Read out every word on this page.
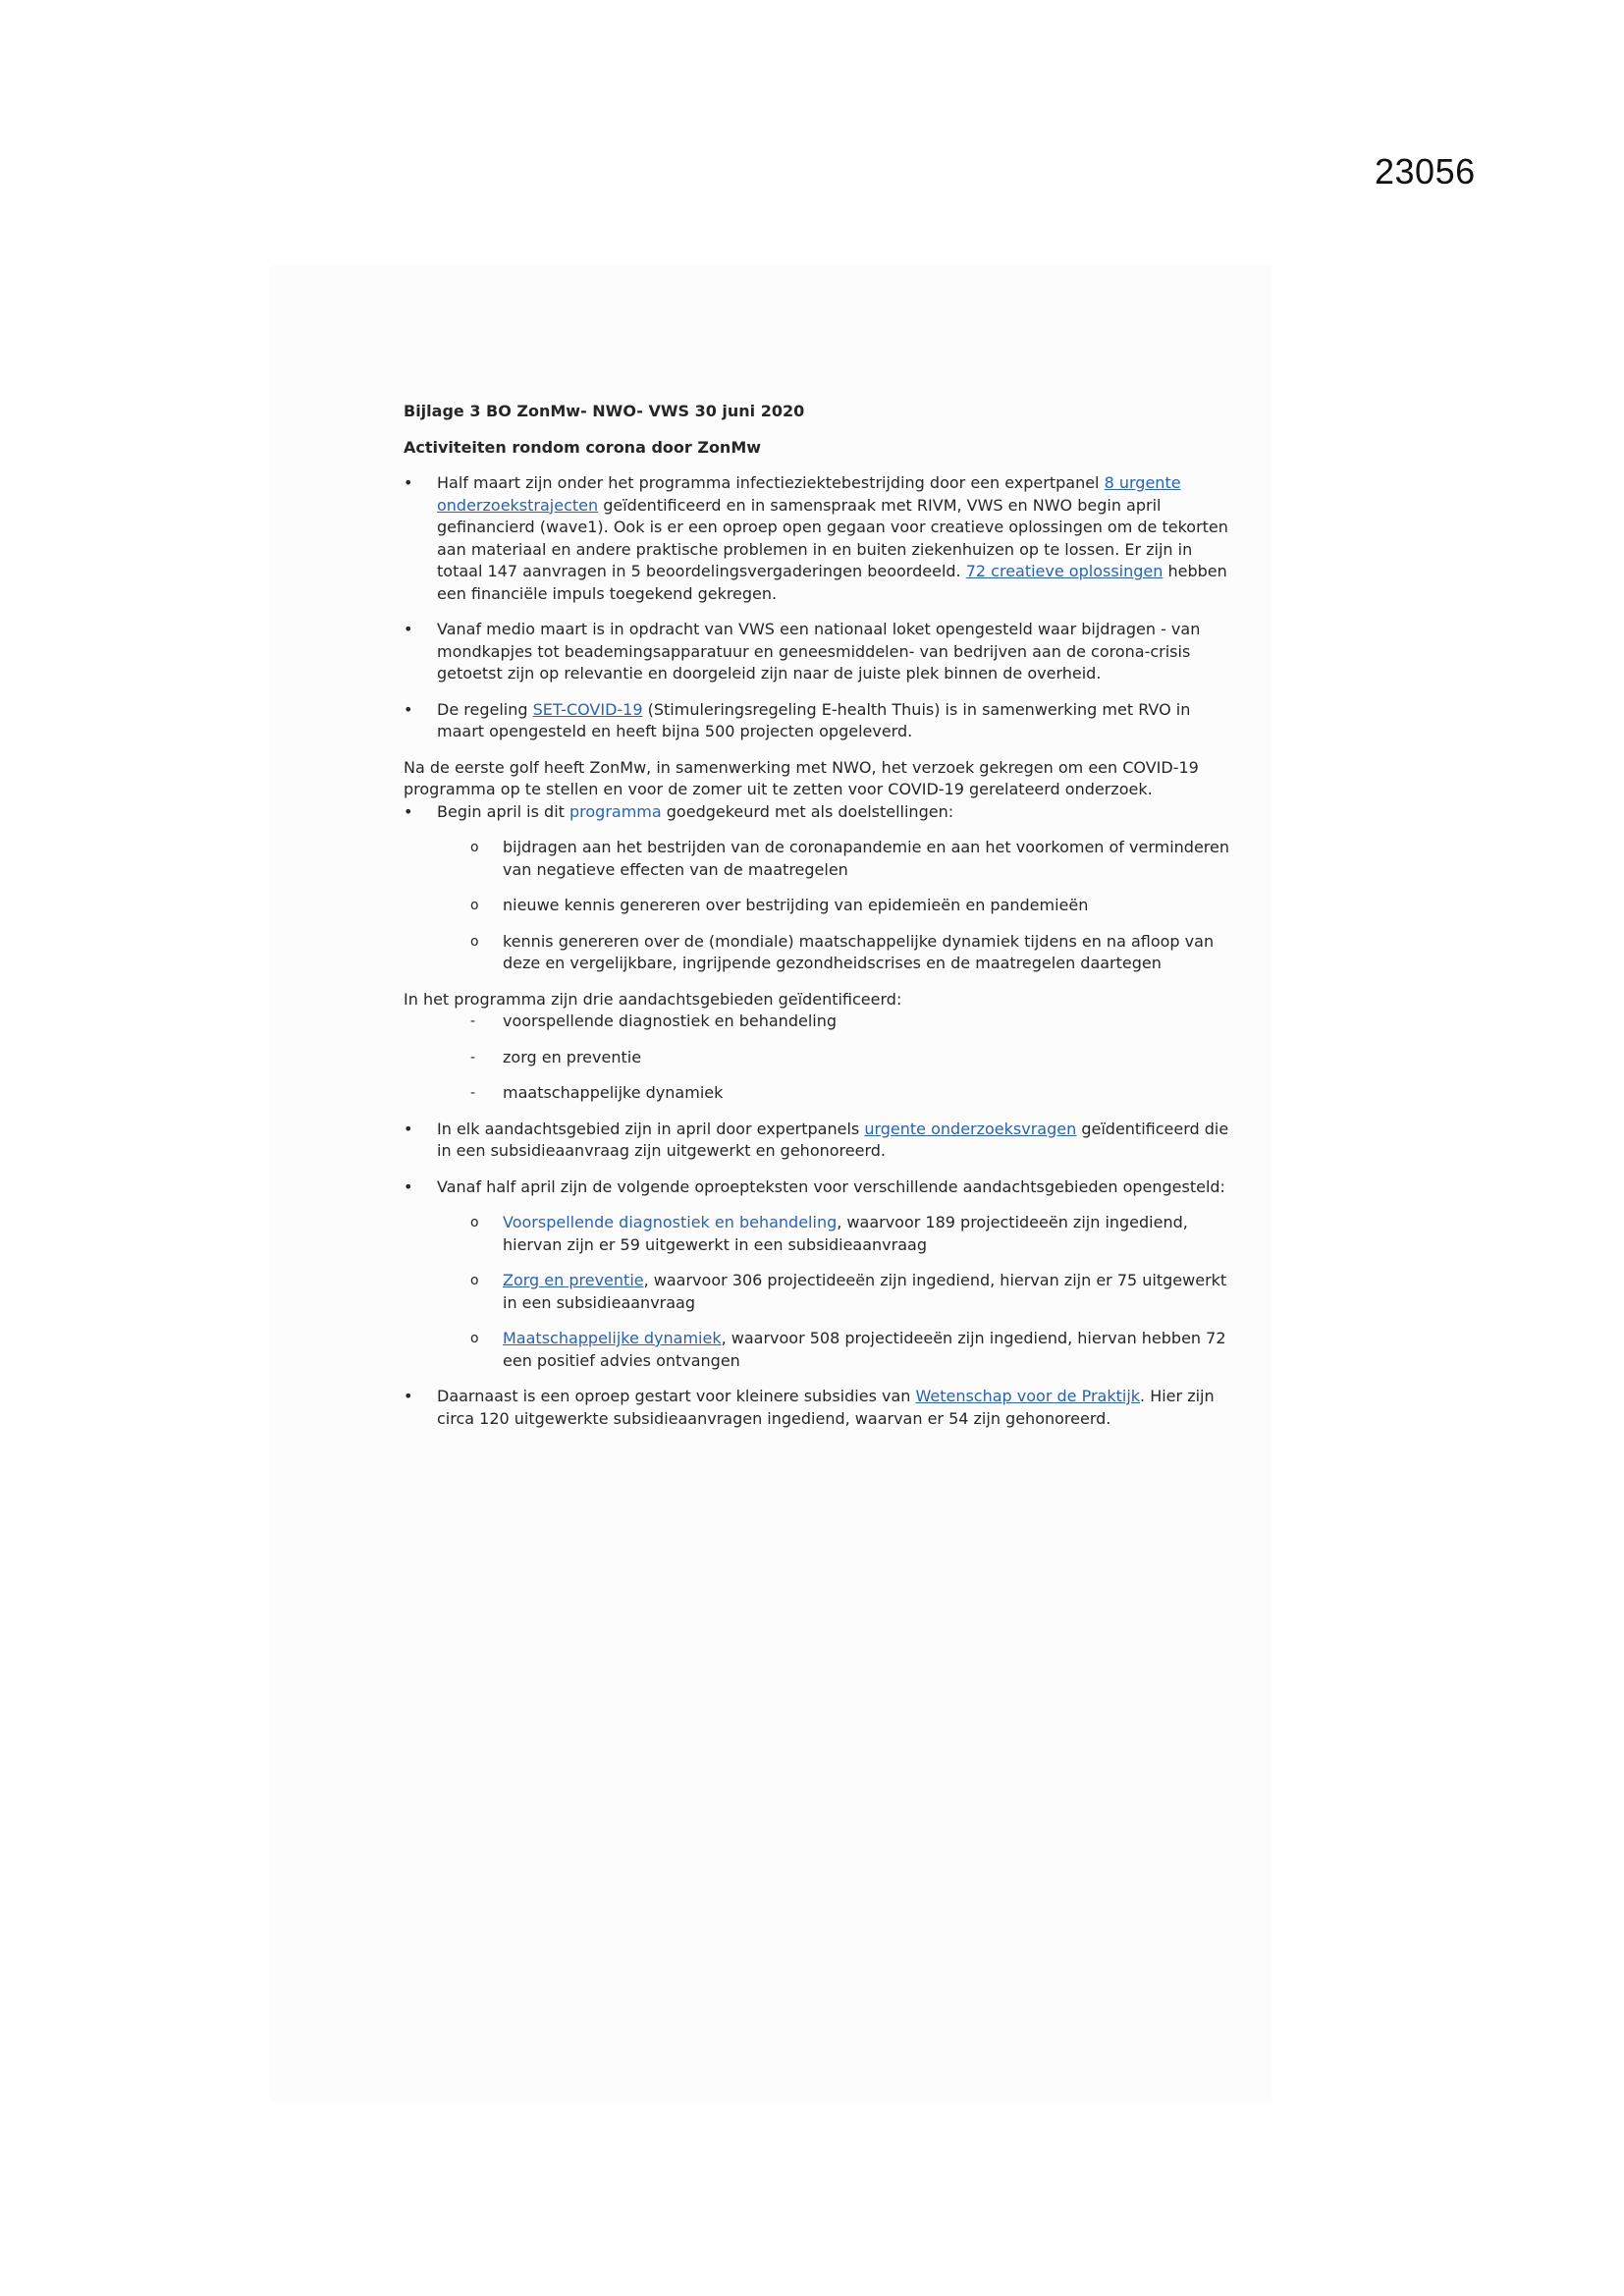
23056
Bijlage 3 BO ZonMw- NWO- VWS 30 juni 2020
Activiteiten rondom corona door ZonMw
• Half maart zijn onder het programma infectieziektebestrijding door een expertpanel 8 urgente onderzoekstrajecten geïdentificeerd en in samenspraak met RIVM, VWS en NWO begin april gefinancierd (wave1). Ook is er een oproep open gegaan voor creatieve oplossingen om de tekorten aan materiaal en andere praktische problemen in en buiten ziekenhuizen op te lossen. Er zijn in totaal 147 aanvragen in 5 beoordelingsvergaderingen beoordeeld. 72 creatieve oplossingen hebben een financiële impuls toegekend gekregen.
• Vanaf medio maart is in opdracht van VWS een nationaal loket opengesteld waar bijdragen - van mondkapjes tot beademingsapparatuur en geneesmiddelen- van bedrijven aan de corona-crisis getoetst zijn op relevantie en doorgeleid zijn naar de juiste plek binnen de overheid.
• De regeling SET-COVID-19 (Stimuleringsregeling E-health Thuis) is in samenwerking met RVO in maart opengesteld en heeft bijna 500 projecten opgeleverd.

Na de eerste golf heeft ZonMw, in samenwerking met NWO, het verzoek gekregen om een COVID-19 programma op te stellen en voor de zomer uit te zetten voor COVID-19 gerelateerd onderzoek.

• Begin april is dit programma goedgekeurd met als doelstellingen:
o bijdragen aan het bestrijden van de coronapandemie en aan het voorkomen of verminderen van negatieve effecten van de maatregelen
o nieuwe kennis genereren over bestrijding van epidemieën en pandemieën
o kennis genereren over de (mondiale) maatschappelijke dynamiek tijdens en na afloop van deze en vergelijkbare, ingrijpende gezondheidscrises en de maatregelen daartegen

In het programma zijn drie aandachtsgebieden geïdentificeerd:

- voorspellende diagnostiek en behandeling
- zorg en preventie
- maatschappelijke dynamiek
• In elk aandachtsgebied zijn in april door expertpanels urgente onderzoeksvragen geïdentificeerd die in een subsidieaanvraag zijn uitgewerkt en gehonoreerd.
• Vanaf half april zijn de volgende oproepteksten voor verschillende aandachtsgebieden opengesteld:
o Voorspellende diagnostiek en behandeling, waarvoor 189 projectideeën zijn ingediend, hiervan zijn er 59 uitgewerkt in een subsidieaanvraag
o Zorg en preventie, waarvoor 306 projectideeën zijn ingediend, hiervan zijn er 75 uitgewerkt in een subsidieaanvraag
o Maatschappelijke dynamiek, waarvoor 508 projectideeën zijn ingediend, hiervan hebben 72 een positief advies ontvangen
• Daarnaast is een oproep gestart voor kleinere subsidies van Wetenschap voor de Praktijk. Hier zijn circa 120 uitgewerkte subsidieaanvragen ingediend, waarvan er 54 zijn gehonoreerd.
